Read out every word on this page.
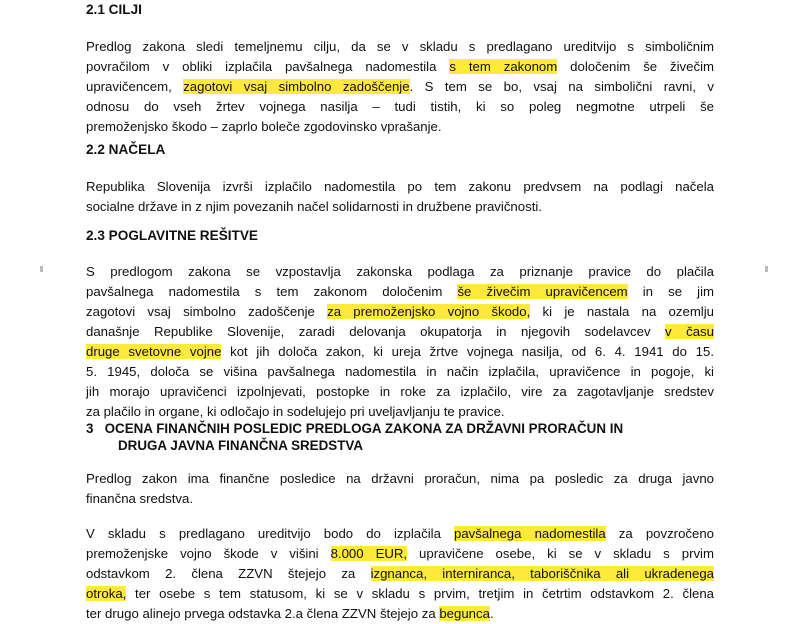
2.1 CILJI
Predlog zakona sledi temeljnemu cilju, da se v skladu s predlagano ureditvijo s simboličnim
povračilom v obliki izplačila pavšalnega nadomestila s tem zakonom določenim še živečim
upravičencem, zagotovi vsaj simbolno zadoščenje. S tem se bo, vsaj na simbolični ravni, v
odnosu do vseh žrtev vojnega nasilja – tudi tistih, ki so poleg negmotne utrpeli še
premoženjsko škodo – zaprlo boleče zgodovinsko vprašanje.
2.2 NAČELA
Republika Slovenija izvrši izplačilo nadomestila po tem zakonu predvsem na podlagi načela
socialne države in z njim povezanih načel solidarnosti in družbene pravičnosti.
2.3 POGLAVITNE REŠITVE
S predlogom zakona se vzpostavlja zakonska podlaga za priznanje pravice do plačila
pavšalnega nadomestila s tem zakonom določenim še živečim upravičencem in se jim
zagotovi vsaj simbolno zadoščenje za premoženjsko vojno škodo, ki je nastala na ozemlju
današnje Republike Slovenije, zaradi delovanja okupatorja in njegovih sodelavcev v času
druge svetovne vojne kot jih določa zakon, ki ureja žrtve vojnega nasilja, od 6. 4. 1941 do 15.
5. 1945, določa se višina pavšalnega nadomestila in način izplačila, upravičence in pogoje, ki
jih morajo upravičenci izpolnjevati, postopke in roke za izplačilo, vire za zagotavljanje sredstev
za plačilo in organe, ki odločajo in sodelujejo pri uveljavljanju te pravice.
3   OCENA FINANČNIH POSLEDIC PREDLOGA ZAKONA ZA DRŽAVNI PRORAČUN IN
DRUGA JAVNA FINANČNA SREDSTVA
Predlog zakon ima finančne posledice na državni proračun, nima pa posledic za druga javno
finančna sredstva.
V skladu s predlagano ureditvijo bodo do izplačila pavšalnega nadomestila za povzročeno
premoženjske vojno škode v višini 8.000 EUR, upravičene osebe, ki se v skladu s prvim
odstavkom 2. člena ZZVN štejejo za izgnanca, interniranca, taboriščnika ali ukradenega
otroka, ter osebe s tem statusom, ki se v skladu s prvim, tretjim in četrtim odstavkom 2. člena
ter drugo alinejo prvega odstavka 2.a člena ZZVN štejejo za begunca.
